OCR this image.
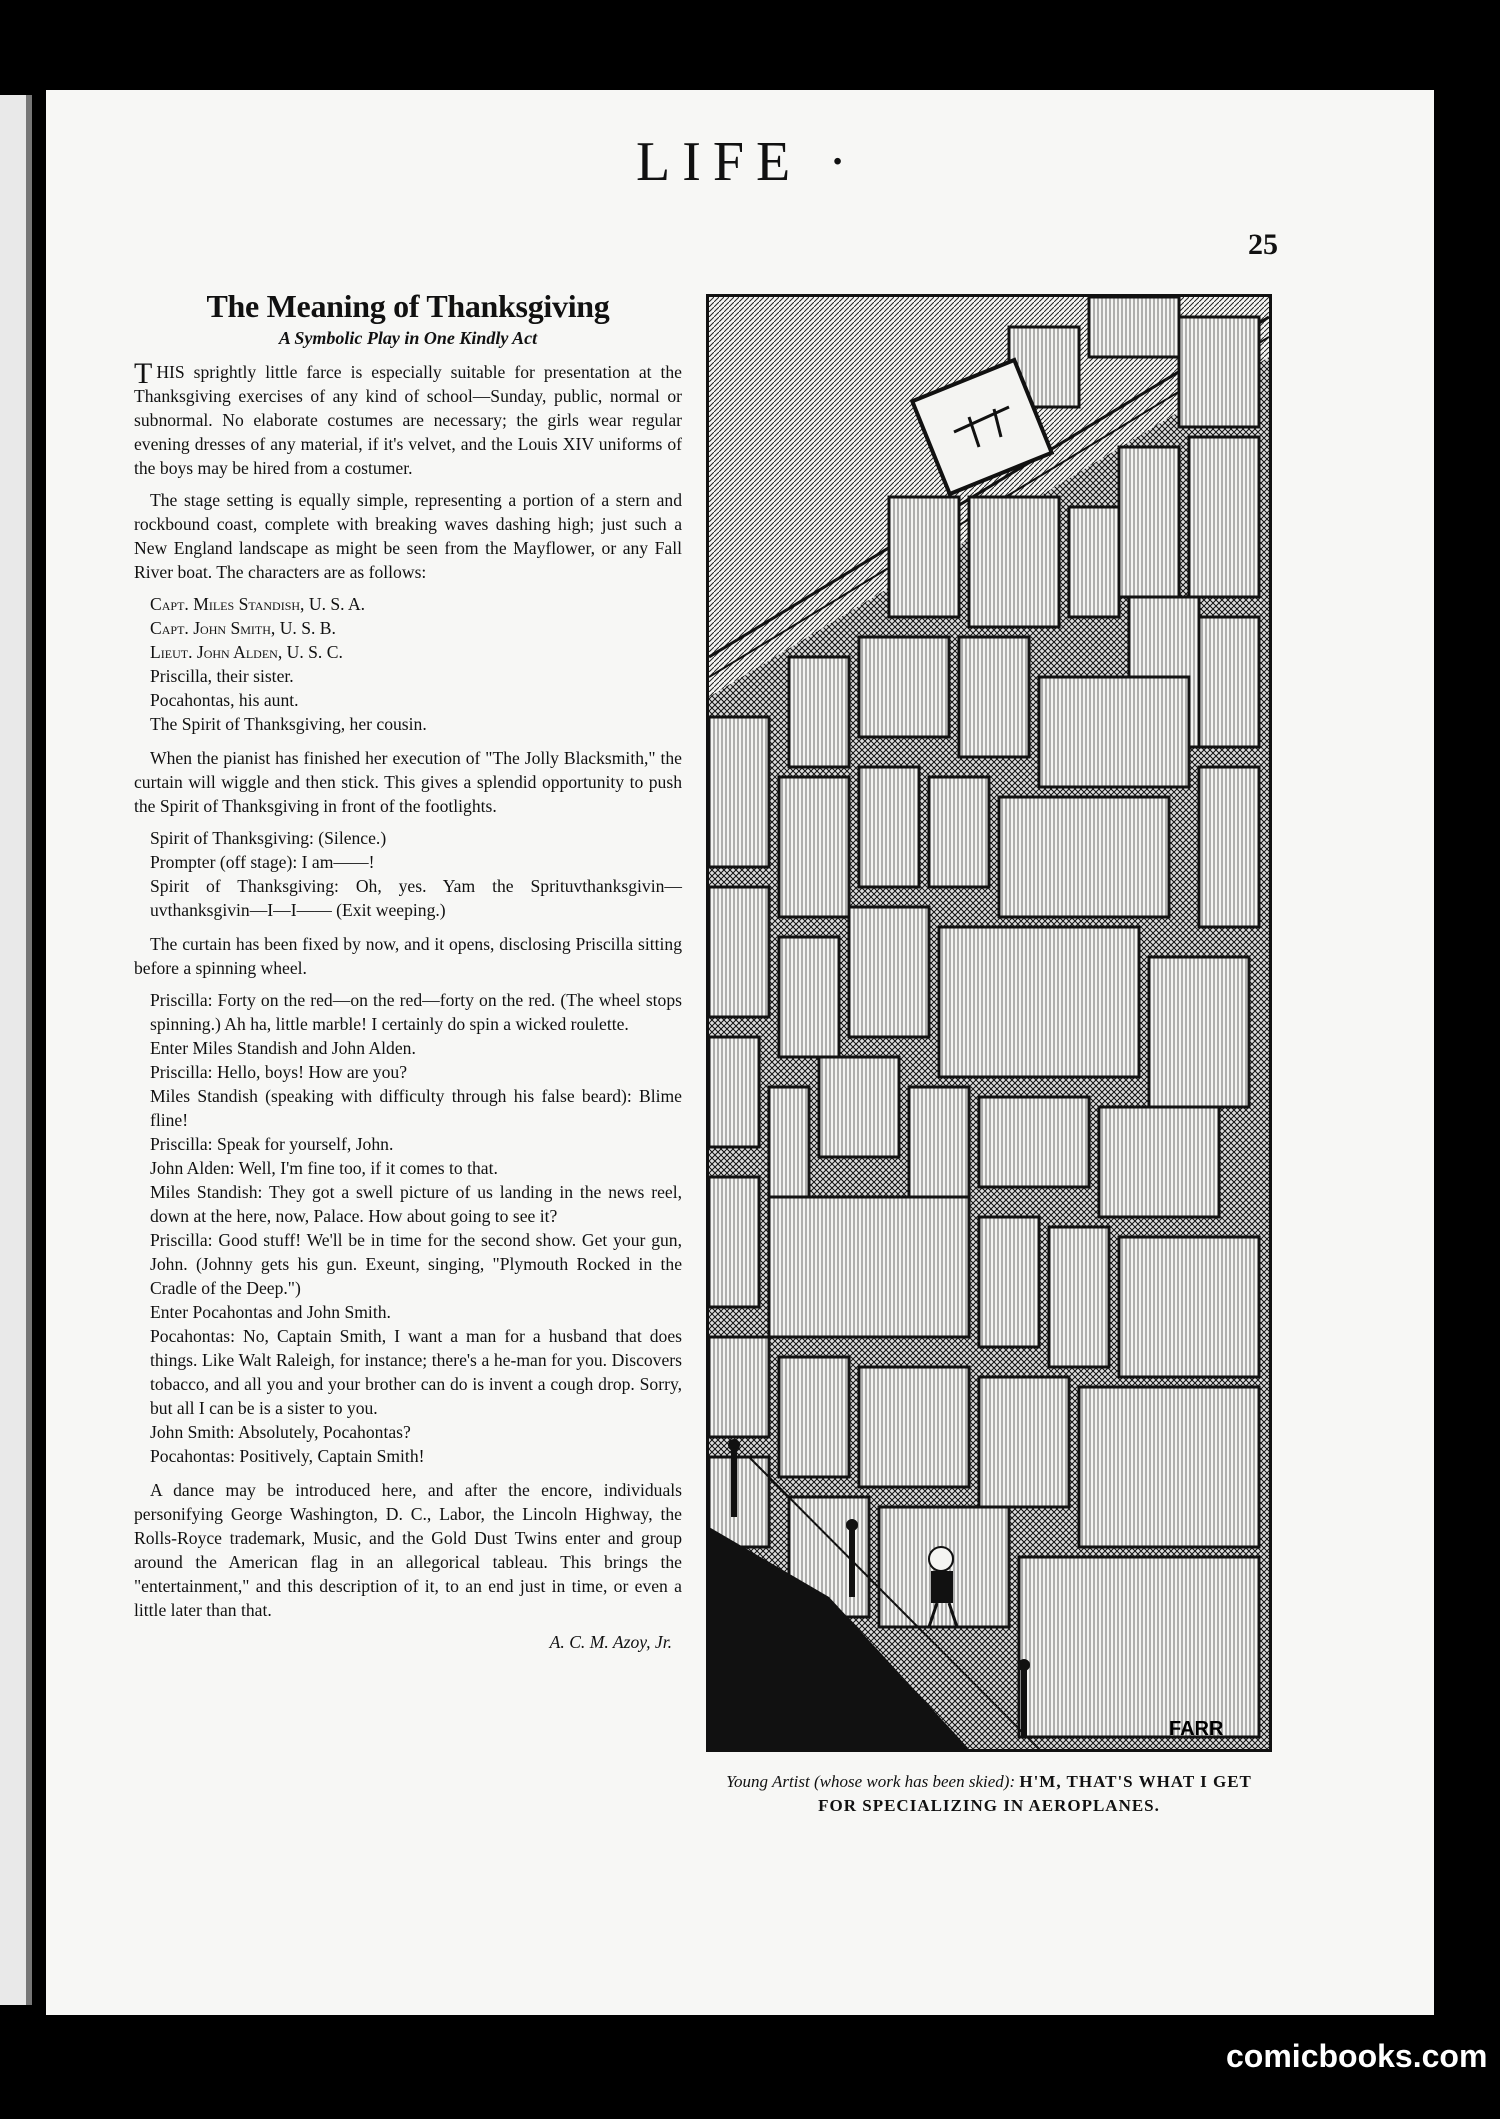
LIFE ·
25
The Meaning of Thanksgiving
A Symbolic Play in One Kindly Act

THIS sprightly little farce is especially suitable for presentation at the Thanksgiving exercises of any kind of school—Sunday, public, normal or subnormal. No elaborate costumes are necessary; the girls wear regular evening dresses of any material, if it's velvet, and the Louis XIV uniforms of the boys may be hired from a costumer.

The stage setting is equally simple, representing a portion of a stern and rockbound coast, complete with breaking waves dashing high; just such a New England landscape as might be seen from the Mayflower, or any Fall River boat. The characters are as follows:

Capt. Miles Standish, U. S. A.
Capt. John Smith, U. S. B.
Lieut. John Alden, U. S. C.
Priscilla, their sister.
Pocahontas, his aunt.
The Spirit of Thanksgiving, her cousin.

When the pianist has finished her execution of "The Jolly Blacksmith," the curtain will wiggle and then stick. This gives a splendid opportunity to push the Spirit of Thanksgiving in front of the footlights.

Spirit of Thanksgiving: (Silence.)

Prompter (off stage): I am——!

Spirit of Thanksgiving: Oh, yes. Yam the Sprituvthanksgivin—uvthanksgivin—I—I—— (Exit weeping.)

The curtain has been fixed by now, and it opens, disclosing Priscilla sitting before a spinning wheel.

Priscilla: Forty on the red—on the red—forty on the red. (The wheel stops spinning.) Ah ha, little marble! I certainly do spin a wicked roulette.

Enter Miles Standish and John Alden.

Priscilla: Hello, boys! How are you?

Miles Standish (speaking with difficulty through his false beard): Blime fline!

Priscilla: Speak for yourself, John.

John Alden: Well, I'm fine too, if it comes to that.

Miles Standish: They got a swell picture of us landing in the news reel, down at the here, now, Palace. How about going to see it?

Priscilla: Good stuff! We'll be in time for the second show. Get your gun, John. (Johnny gets his gun. Exeunt, singing, "Plymouth Rocked in the Cradle of the Deep.")

Enter Pocahontas and John Smith.

Pocahontas: No, Captain Smith, I want a man for a husband that does things. Like Walt Raleigh, for instance; there's a he-man for you. Discovers tobacco, and all you and your brother can do is invent a cough drop. Sorry, but all I can be is a sister to you.

John Smith: Absolutely, Pocahontas?

Pocahontas: Positively, Captain Smith!

A dance may be introduced here, and after the encore, individuals personifying George Washington, D. C., Labor, the Lincoln Highway, the Rolls-Royce trademark, Music, and the Gold Dust Twins enter and group around the American flag in an allegorical tableau. This brings the "entertainment," and this description of it, to an end just in time, or even a little later than that.

A. C. M. Azoy, Jr.
FARR
Young Artist (whose work has been skied): H'M, THAT'S WHAT I GET FOR SPECIALIZING IN AEROPLANES.
comicbooks.com
